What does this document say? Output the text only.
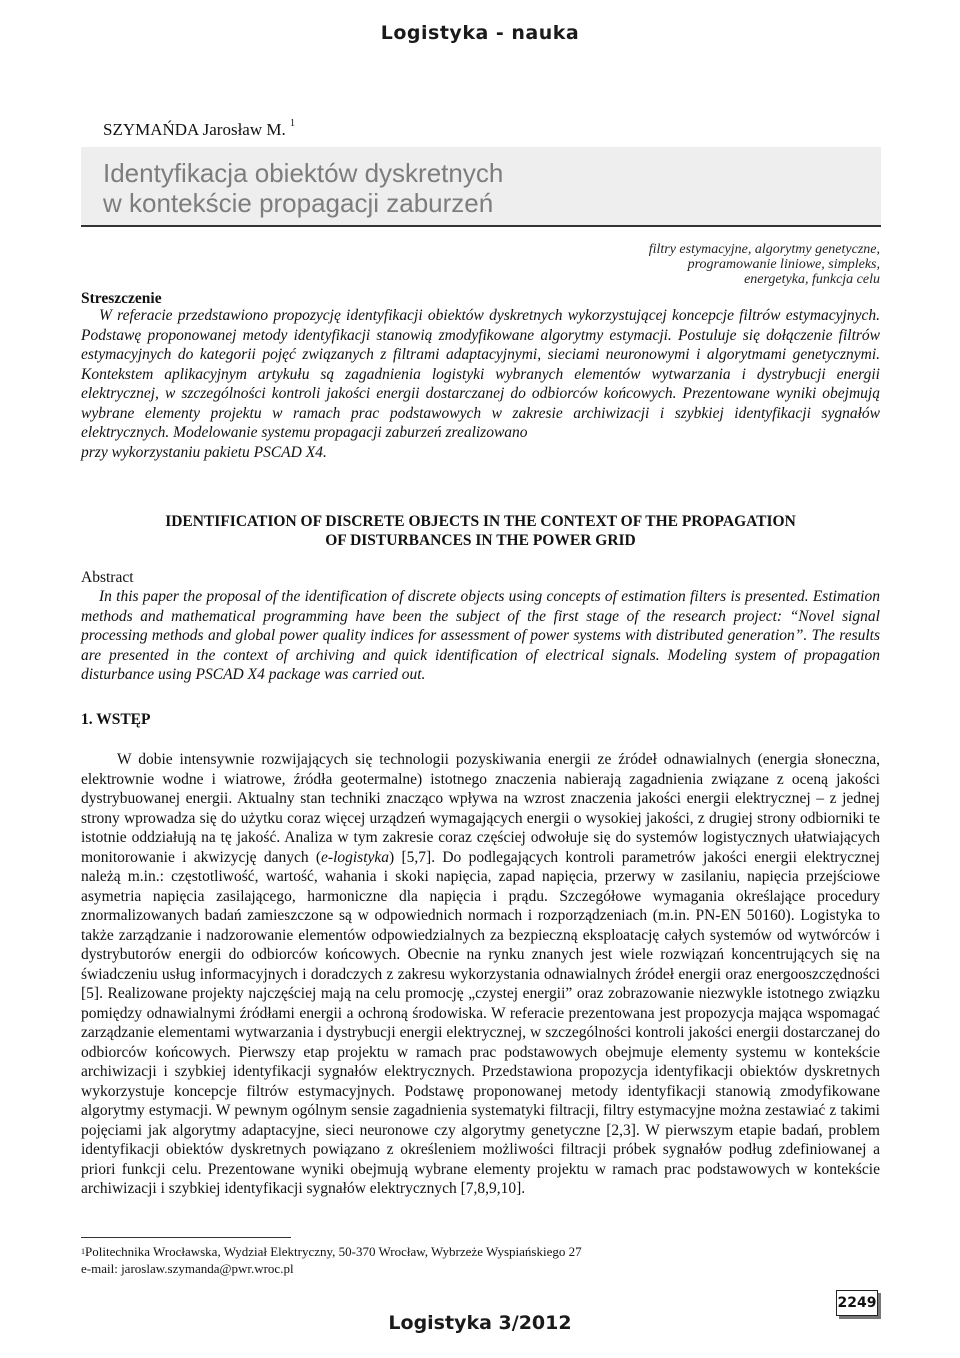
Logistyka - nauka
SZYMAŃDA Jarosław M. $^1$
Identyfikacja obiektów dyskretnych
w kontekście propagacji zaburzeń
filtry estymacyjne, algorytmy genetyczne,
programowanie liniowe, simpleks,
energetyka, funkcja celu
Streszczenie

W referacie przedstawiono propozycję identyfikacji obiektów dyskretnych wykorzystującej koncepcje filtrów estymacyjnych. Podstawę proponowanej metody identyfikacji stanowią zmodyfikowane algorytmy estymacji. Postuluje się dołączenie filtrów estymacyjnych do kategorii pojęć związanych z filtrami adaptacyjnymi, sieciami neuronowymi i algorytmami genetycznymi. Kontekstem aplikacyjnym artykułu są zagadnienia logistyki wybranych elementów wytwarzania i dystrybucji energii elektrycznej, w szczególności kontroli jakości energii dostarczanej do odbiorców końcowych. Prezentowane wyniki obejmują wybrane elementy projektu w ramach prac podstawowych w zakresie archiwizacji i szybkiej identyfikacji sygnałów elektrycznych. Modelowanie systemu propagacji zaburzeń zrealizowano

przy wykorzystaniu pakietu PSCAD X4.

IDENTIFICATION OF DISCRETE OBJECTS IN THE CONTEXT OF THE PROPAGATION
OF DISTURBANCES IN THE POWER GRID
Abstract

In this paper the proposal of the identification of discrete objects using concepts of estimation filters is presented. Estimation methods and mathematical programming have been the subject of the first stage of the research project: “Novel signal processing methods and global power quality indices for assessment of power systems with distributed generation”. The results are presented in the context of archiving and quick identification of electrical signals. Modeling system of propagation disturbance using PSCAD X4 package was carried out.

1. WSTĘP

W dobie intensywnie rozwijających się technologii pozyskiwania energii ze źródeł odnawialnych (energia słoneczna, elektrownie wodne i wiatrowe, źródła geotermalne) istotnego znaczenia nabierają zagadnienia związane z oceną jakości dystrybuowanej energii. Aktualny stan techniki znacząco wpływa na wzrost znaczenia jakości energii elektrycznej – z jednej strony wprowadza się do użytku coraz więcej urządzeń wymagających energii o wysokiej jakości, z drugiej strony odbiorniki te istotnie oddziałują na tę jakość. Analiza w tym zakresie coraz częściej odwołuje się do systemów logistycznych ułatwiających monitorowanie i akwizycję danych (e-logistyka) [5,7]. Do podlegających kontroli parametrów jakości energii elektrycznej należą m.in.: częstotliwość, wartość, wahania i skoki napięcia, zapad napięcia, przerwy w zasilaniu, napięcia przejściowe asymetria napięcia zasilającego, harmoniczne dla napięcia i prądu. Szczegółowe wymagania określające procedury znormalizowanych badań zamieszczone są w odpowiednich normach i rozporządzeniach (m.in. PN-EN 50160). Logistyka to także zarządzanie i nadzorowanie elementów odpowiedzialnych za bezpieczną eksploatację całych systemów od wytwórców i dystrybutorów energii do odbiorców końcowych. Obecnie na rynku znanych jest wiele rozwiązań koncentrujących się na świadczeniu usług informacyjnych i doradczych z zakresu wykorzystania odnawialnych źródeł energii oraz energooszczędności [5]. Realizowane projekty najczęściej mają na celu promocję „czystej energii” oraz zobrazowanie niezwykle istotnego związku pomiędzy odnawialnymi źródłami energii a ochroną środowiska. W referacie prezentowana jest propozycja mająca wspomagać zarządzanie elementami wytwarzania i dystrybucji energii elektrycznej, w szczególności kontroli jakości energii dostarczanej do odbiorców końcowych. Pierwszy etap projektu w ramach prac podstawowych obejmuje elementy systemu w kontekście archiwizacji i szybkiej identyfikacji sygnałów elektrycznych. Przedstawiona propozycja identyfikacji obiektów dyskretnych wykorzystuje koncepcje filtrów estymacyjnych. Podstawę proponowanej metody identyfikacji stanowią zmodyfikowane algorytmy estymacji. W pewnym ogólnym sensie zagadnienia systematyki filtracji, filtry estymacyjne można zestawiać z takimi pojęciami jak algorytmy adaptacyjne, sieci neuronowe czy algorytmy genetyczne [2,3]. W pierwszym etapie badań, problem identyfikacji obiektów dyskretnych powiązano z określeniem możliwości filtracji próbek sygnałów podług zdefiniowanej a priori funkcji celu. Prezentowane wyniki obejmują wybrane elementy projektu w ramach prac podstawowych w kontekście archiwizacji i szybkiej identyfikacji sygnałów elektrycznych [7,8,9,10].

$^1$Politechnika Wrocławska, Wydział Elektryczny, 50-370 Wrocław, Wybrzeże Wyspiańskiego 27
e-mail: jaroslaw.szymanda@pwr.wroc.pl
2249
Logistyka 3/2012
